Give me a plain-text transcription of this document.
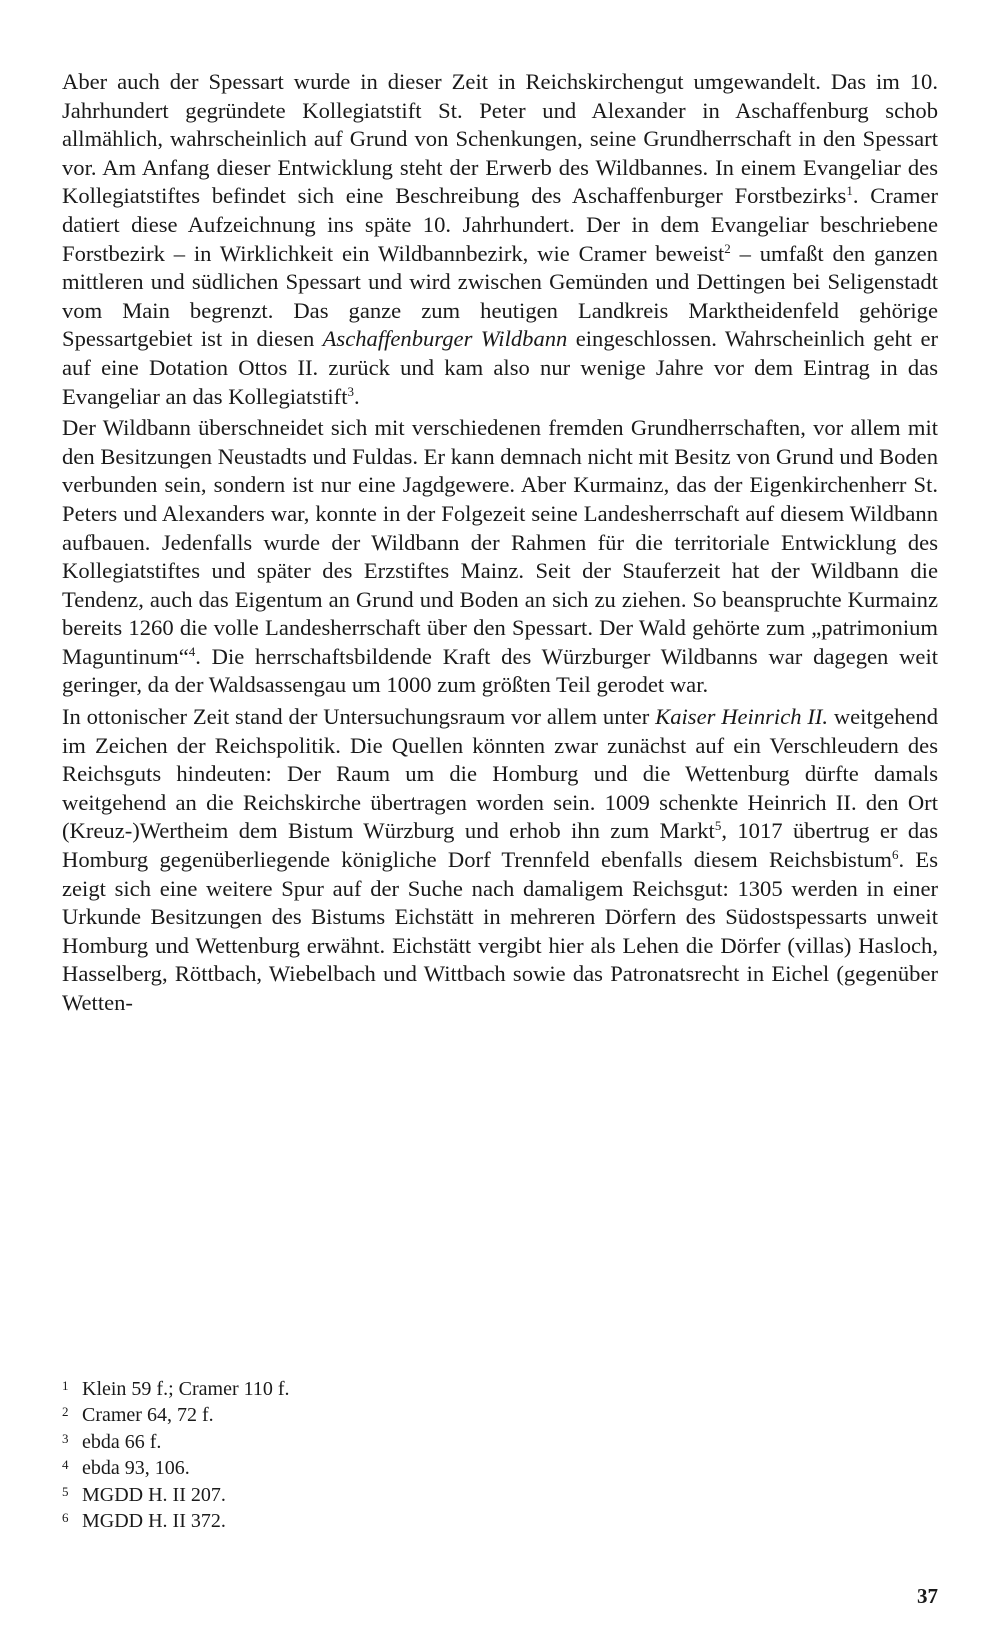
Aber auch der Spessart wurde in dieser Zeit in Reichskirchengut umgewandelt. Das im 10. Jahrhundert gegründete Kollegiatstift St. Peter und Alexander in Aschaffenburg schob allmählich, wahrscheinlich auf Grund von Schenkungen, seine Grundherrschaft in den Spessart vor. Am Anfang dieser Entwicklung steht der Erwerb des Wildbannes. In einem Evangeliar des Kollegiatstiftes befindet sich eine Beschreibung des Aschaffenburger Forstbezirks$^1$. Cramer datiert diese Aufzeichnung ins späte 10. Jahrhundert. Der in dem Evangeliar beschriebene Forstbezirk – in Wirklichkeit ein Wildbannbezirk, wie Cramer beweist$^2$ – umfaßt den ganzen mittleren und südlichen Spessart und wird zwischen Gemünden und Dettingen bei Seligenstadt vom Main begrenzt. Das ganze zum heutigen Landkreis Marktheidenfeld gehörige Spessartgebiet ist in diesen Aschaffenburger Wildbann eingeschlossen. Wahrscheinlich geht er auf eine Dotation Ottos II. zurück und kam also nur wenige Jahre vor dem Eintrag in das Evangeliar an das Kollegiatstift$^3$.

Der Wildbann überschneidet sich mit verschiedenen fremden Grundherrschaften, vor allem mit den Besitzungen Neustadts und Fuldas. Er kann demnach nicht mit Besitz von Grund und Boden verbunden sein, sondern ist nur eine Jagdgewere. Aber Kurmainz, das der Eigenkirchenherr St. Peters und Alexanders war, konnte in der Folgezeit seine Landesherrschaft auf diesem Wildbann aufbauen. Jedenfalls wurde der Wildbann der Rahmen für die territoriale Entwicklung des Kollegiatstiftes und später des Erzstiftes Mainz. Seit der Stauferzeit hat der Wildbann die Tendenz, auch das Eigentum an Grund und Boden an sich zu ziehen. So beanspruchte Kurmainz bereits 1260 die volle Landesherrschaft über den Spessart. Der Wald gehörte zum „patrimonium Maguntinum“$^4$. Die herrschaftsbildende Kraft des Würzburger Wildbanns war dagegen weit geringer, da der Waldsassengau um 1000 zum größten Teil gerodet war.

In ottonischer Zeit stand der Untersuchungsraum vor allem unter Kaiser Heinrich II. weitgehend im Zeichen der Reichspolitik. Die Quellen könnten zwar zunächst auf ein Verschleudern des Reichsguts hindeuten: Der Raum um die Homburg und die Wettenburg dürfte damals weitgehend an die Reichskirche übertragen worden sein. 1009 schenkte Heinrich II. den Ort (Kreuz-)Wertheim dem Bistum Würzburg und erhob ihn zum Markt$^5$, 1017 übertrug er das Homburg gegenüberliegende königliche Dorf Trennfeld ebenfalls diesem Reichsbistum$^6$. Es zeigt sich eine weitere Spur auf der Suche nach damaligem Reichsgut: 1305 werden in einer Urkunde Besitzungen des Bistums Eichstätt in mehreren Dörfern des Südostspessarts unweit Homburg und Wettenburg erwähnt. Eichstätt vergibt hier als Lehen die Dörfer (villas) Hasloch, Hasselberg, Röttbach, Wiebelbach und Wittbach sowie das Patronatsrecht in Eichel (gegenüber Wetten-

1 Klein 59 f.; Cramer 110 f.
2 Cramer 64, 72 f.
3 ebda 66 f.
4 ebda 93, 106.
5 MGDD H. II 207.
6 MGDD H. II 372.
37
